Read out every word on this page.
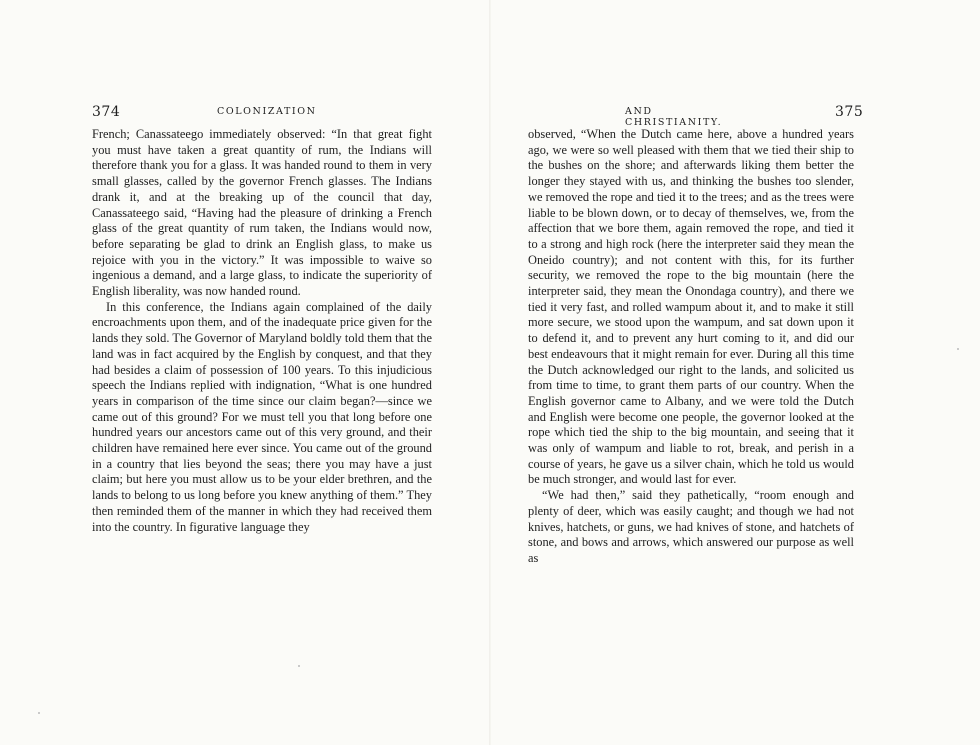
374	COLONIZATION

French; Canassateego immediately observed: “In that great fight you must have taken a great quantity of rum, the Indians will therefore thank you for a glass. It was handed round to them in very small glasses, called by the governor French glasses. The Indians drank it, and at the breaking up of the council that day, Canassateego said, “Having had the pleasure of drinking a French glass of the great quantity of rum taken, the Indians would now, before separating be glad to drink an English glass, to make us rejoice with you in the victory.” It was impossible to waive so ingenious a demand, and a large glass, to indicate the superiority of English liberality, was now handed round.

In this conference, the Indians again complained of the daily encroachments upon them, and of the inadequate price given for the lands they sold. The Governor of Maryland boldly told them that the land was in fact acquired by the English by conquest, and that they had besides a claim of possession of 100 years. To this injudicious speech the Indians replied with indignation, “What is one hundred years in comparison of the time since our claim began?—since we came out of this ground? For we must tell you that long before one hundred years our ancestors came out of this very ground, and their children have remained here ever since. You came out of the ground in a country that lies beyond the seas; there you may have a just claim; but here you must allow us to be your elder brethren, and the lands to belong to us long before you knew anything of them.” They then reminded them of the manner in which they had received them into the country. In figurative language they

AND CHRISTIANITY.
375

observed, “When the Dutch came here, above a hundred years ago, we were so well pleased with them that we tied their ship to the bushes on the shore; and afterwards liking them better the longer they stayed with us, and thinking the bushes too slender, we removed the rope and tied it to the trees; and as the trees were liable to be blown down, or to decay of themselves, we, from the affection that we bore them, again removed the rope, and tied it to a strong and high rock (here the interpreter said they mean the Oneido country); and not content with this, for its further security, we removed the rope to the big mountain (here the interpreter said, they mean the Onondaga country), and there we tied it very fast, and rolled wampum about it, and to make it still more secure, we stood upon the wampum, and sat down upon it to defend it, and to prevent any hurt coming to it, and did our best endeavours that it might remain for ever. During all this time the Dutch acknowledged our right to the lands, and solicited us from time to time, to grant them parts of our country. When the English governor came to Albany, and we were told the Dutch and English were become one people, the governor looked at the rope which tied the ship to the big mountain, and seeing that it was only of wampum and liable to rot, break, and perish in a course of years, he gave us a silver chain, which he told us would be much stronger, and would last for ever.

“We had then,” said they pathetically, “room enough and plenty of deer, which was easily caught; and though we had not knives, hatchets, or guns, we had knives of stone, and hatchets of stone, and bows and arrows, which answered our purpose as well as
